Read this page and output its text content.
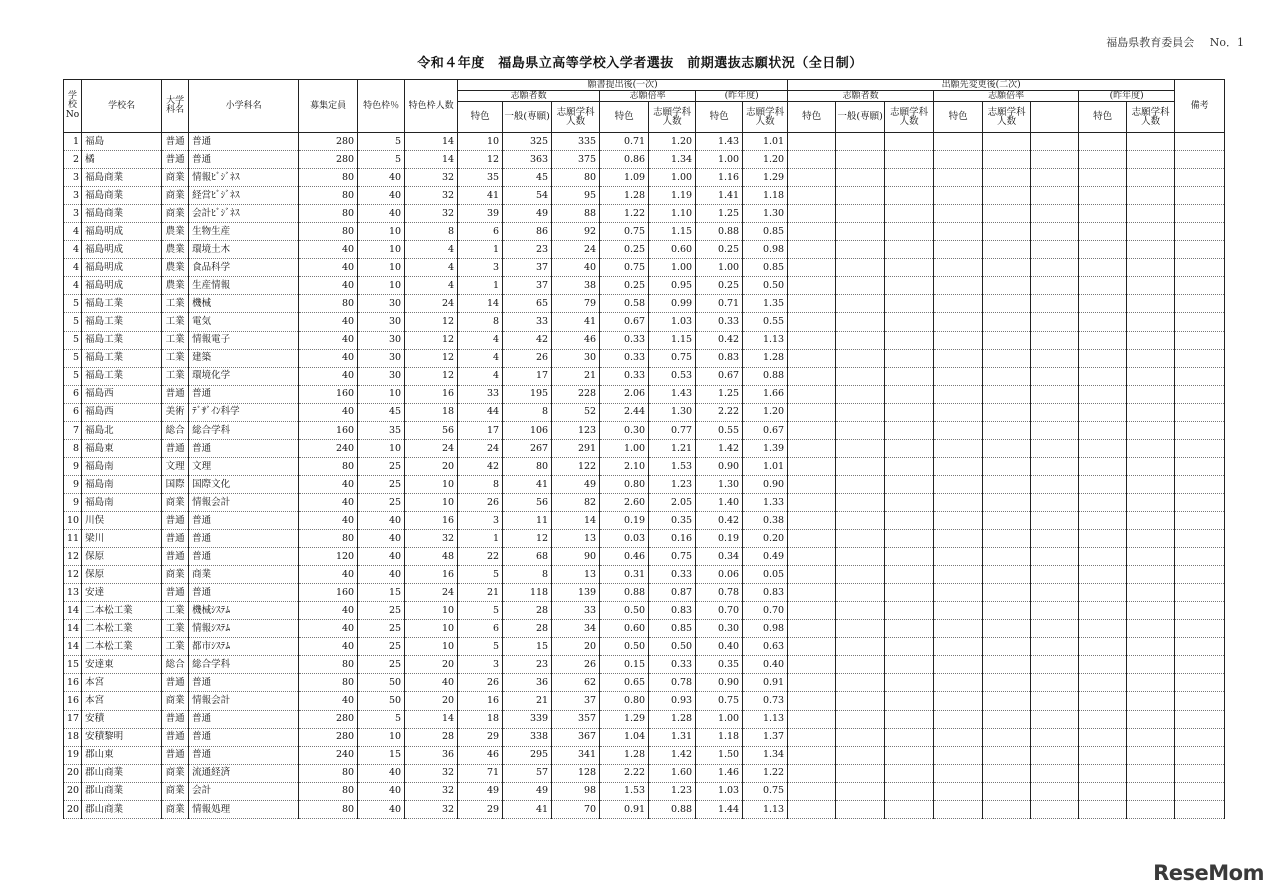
福島県教育委員会 No．1
令和４年度　福島県立高等学校入学者選抜　前期選抜志願状況（全日制）
学校No	学校名	大学科名	小学科名	募集定員	特色枠％	特色枠人数	願書提出後(一次)							出願先変更後(二次)								備考
							志願者数			志願倍率		(昨年度)		志願者数			志願倍率			(昨年度)		
							特色	一般(専願)	志願学科人数	特色	志願学科人数	特色	志願学科人数	特色	一般(専願)	志願学科人数	特色	志願学科人数		特色	志願学科人数	
1	福島	普通	普通	280	5	14	10	325	335	0.71	1.20	1.43	1.01									
2	橘	普通	普通	280	5	14	12	363	375	0.86	1.34	1.00	1.20									
3	福島商業	商業	情報ﾋﾞｼﾞﾈｽ	80	40	32	35	45	80	1.09	1.00	1.16	1.29									
3	福島商業	商業	経営ﾋﾞｼﾞﾈｽ	80	40	32	41	54	95	1.28	1.19	1.41	1.18									
3	福島商業	商業	会計ﾋﾞｼﾞﾈｽ	80	40	32	39	49	88	1.22	1.10	1.25	1.30									
4	福島明成	農業	生物生産	80	10	8	6	86	92	0.75	1.15	0.88	0.85									
4	福島明成	農業	環境土木	40	10	4	1	23	24	0.25	0.60	0.25	0.98									
4	福島明成	農業	食品科学	40	10	4	3	37	40	0.75	1.00	1.00	0.85									
4	福島明成	農業	生産情報	40	10	4	1	37	38	0.25	0.95	0.25	0.50									
5	福島工業	工業	機械	80	30	24	14	65	79	0.58	0.99	0.71	1.35									
5	福島工業	工業	電気	40	30	12	8	33	41	0.67	1.03	0.33	0.55									
5	福島工業	工業	情報電子	40	30	12	4	42	46	0.33	1.15	0.42	1.13									
5	福島工業	工業	建築	40	30	12	4	26	30	0.33	0.75	0.83	1.28									
5	福島工業	工業	環境化学	40	30	12	4	17	21	0.33	0.53	0.67	0.88									
6	福島西	普通	普通	160	10	16	33	195	228	2.06	1.43	1.25	1.66									
6	福島西	美術	ﾃﾞｻﾞｲﾝ科学	40	45	18	44	8	52	2.44	1.30	2.22	1.20									
7	福島北	総合	総合学科	160	35	56	17	106	123	0.30	0.77	0.55	0.67									
8	福島東	普通	普通	240	10	24	24	267	291	1.00	1.21	1.42	1.39									
9	福島南	文理	文理	80	25	20	42	80	122	2.10	1.53	0.90	1.01									
9	福島南	国際	国際文化	40	25	10	8	41	49	0.80	1.23	1.30	0.90									
9	福島南	商業	情報会計	40	25	10	26	56	82	2.60	2.05	1.40	1.33									
10	川俣	普通	普通	40	40	16	3	11	14	0.19	0.35	0.42	0.38									
11	梁川	普通	普通	80	40	32	1	12	13	0.03	0.16	0.19	0.20									
12	保原	普通	普通	120	40	48	22	68	90	0.46	0.75	0.34	0.49									
12	保原	商業	商業	40	40	16	5	8	13	0.31	0.33	0.06	0.05									
13	安達	普通	普通	160	15	24	21	118	139	0.88	0.87	0.78	0.83									
14	二本松工業	工業	機械ｼｽﾃﾑ	40	25	10	5	28	33	0.50	0.83	0.70	0.70									
14	二本松工業	工業	情報ｼｽﾃﾑ	40	25	10	6	28	34	0.60	0.85	0.30	0.98									
14	二本松工業	工業	都市ｼｽﾃﾑ	40	25	10	5	15	20	0.50	0.50	0.40	0.63									
15	安達東	総合	総合学科	80	25	20	3	23	26	0.15	0.33	0.35	0.40									
16	本宮	普通	普通	80	50	40	26	36	62	0.65	0.78	0.90	0.91									
16	本宮	商業	情報会計	40	50	20	16	21	37	0.80	0.93	0.75	0.73									
17	安積	普通	普通	280	5	14	18	339	357	1.29	1.28	1.00	1.13									
18	安積黎明	普通	普通	280	10	28	29	338	367	1.04	1.31	1.18	1.37									
19	郡山東	普通	普通	240	15	36	46	295	341	1.28	1.42	1.50	1.34									
20	郡山商業	商業	流通経済	80	40	32	71	57	128	2.22	1.60	1.46	1.22									
20	郡山商業	商業	会計	80	40	32	49	49	98	1.53	1.23	1.03	0.75									
20	郡山商業	商業	情報処理	80	40	32	29	41	70	0.91	0.88	1.44	1.13									
ReseMom
